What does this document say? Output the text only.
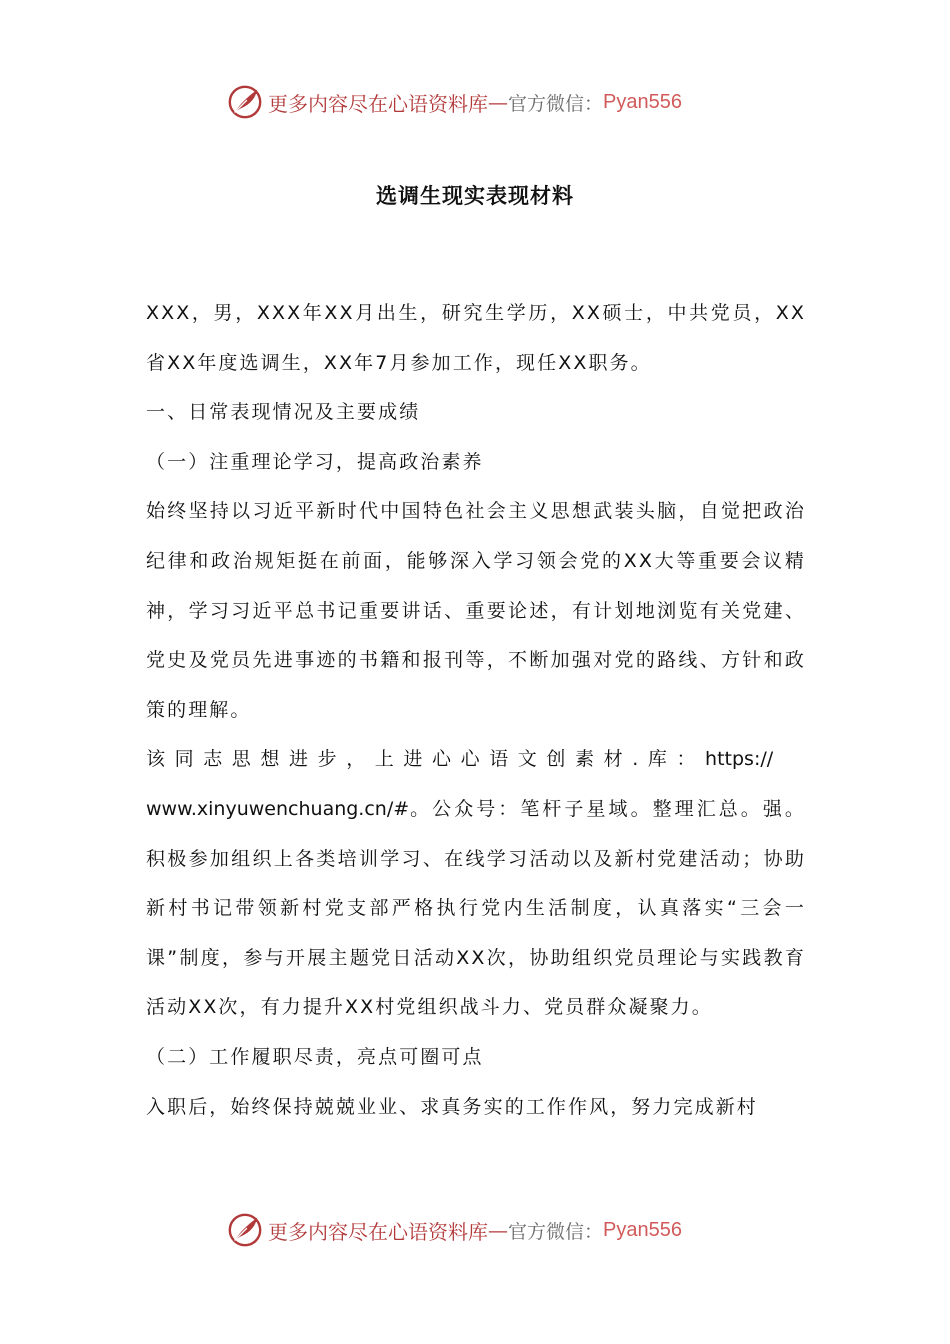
更多内容尽在心语资料库 — 官方微信： Pyan556
选调生现实表现材料

XXX，男，XXX年XX月出生，研究生学历，XX硕士，中共党员，XX省XX年度选调生，XX年7月参加工作，现任XX职务。

一、日常表现情况及主要成绩

（一）注重理论学习，提高政治素养

始终坚持以习近平新时代中国特色社会主义思想武装头脑，自觉把政治纪律和政治规矩挺在前面，能够深入学习领会党的XX大等重要会议精神，学习习近平总书记重要讲话、重要论述，有计划地浏览有关党建、党史及党员先进事迹的书籍和报刊等，不断加强对党的路线、方针和政策的理解。

该同志思想进步，上进心心语文创素材.库：https://
www.xinyuwenchuang.cn/#。公众号：笔杆子星域。整理汇总。强。积极参加组织上各类培训学习、在线学习活动以及新村党建活动；协助新村书记带领新村党支部严格执行党内生活制度，认真落实“三会一课”制度，参与开展主题党日活动XX次，协助组织党员理论与实践教育活动XX次，有力提升XX村党组织战斗力、党员群众凝聚力。

（二）工作履职尽责，亮点可圈可点

入职后，始终保持兢兢业业、求真务实的工作作风，努力完成新村

更多内容尽在心语资料库 — 官方微信： Pyan556
